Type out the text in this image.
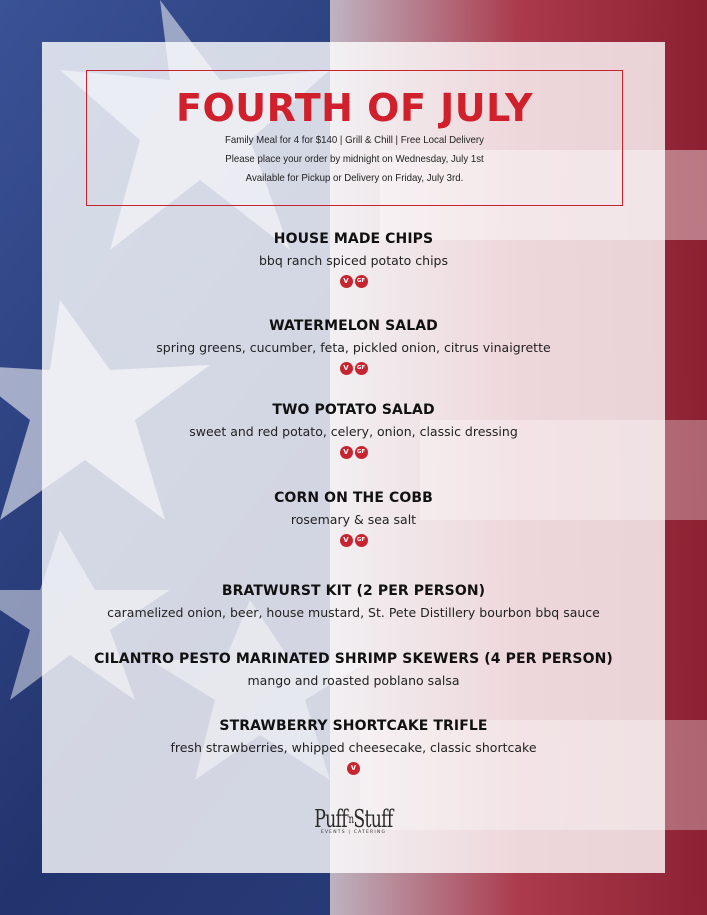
FOURTH OF JULY
Family Meal for 4 for $140 | Grill & Chill | Free Local Delivery
Please place your order by midnight on Wednesday, July 1st
Available for Pickup or Delivery on Friday, July 3rd.
HOUSE MADE CHIPS
bbq ranch spiced potato chips
V GF
WATERMELON SALAD
spring greens, cucumber, feta, pickled onion, citrus vinaigrette
V GF
TWO POTATO SALAD
sweet and red potato, celery, onion, classic dressing
V GF
CORN ON THE COBB
rosemary & sea salt
V GF
BRATWURST KIT (2 PER PERSON)
caramelized onion, beer, house mustard, St. Pete Distillery bourbon bbq sauce
CILANTRO PESTO MARINATED SHRIMP SKEWERS (4 PER PERSON)
mango and roasted poblano salsa
STRAWBERRY SHORTCAKE TRIFLE
fresh strawberries, whipped cheesecake, classic shortcake
V
Puff$^{'n}$Stuff
EVENTS | CATERING
